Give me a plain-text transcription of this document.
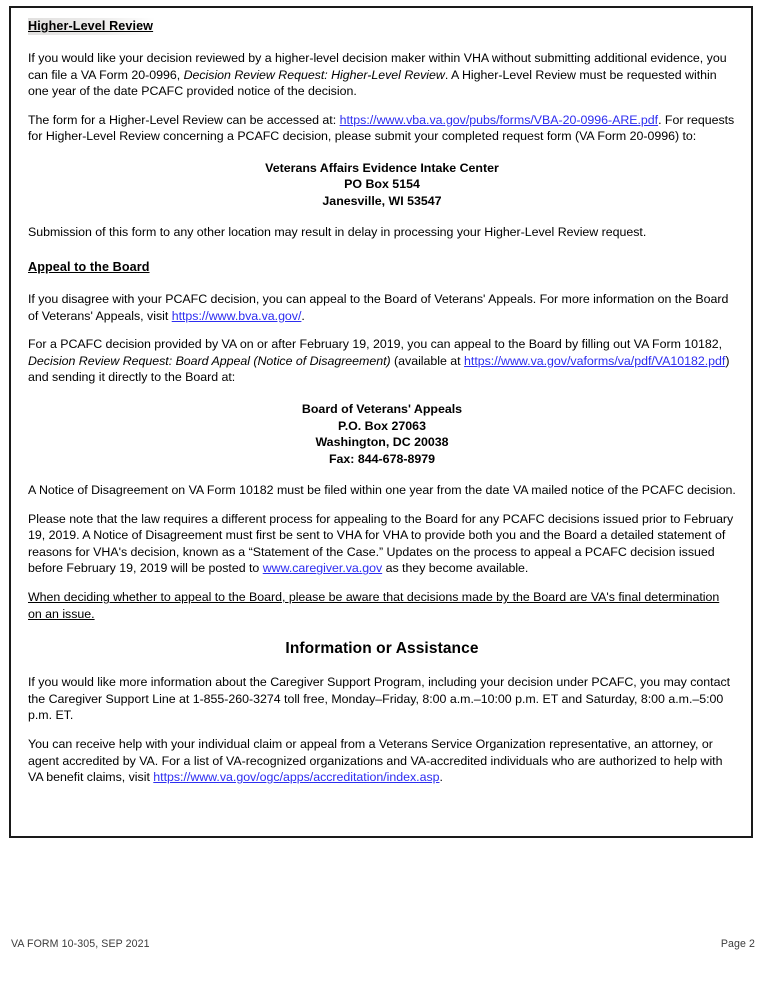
Higher-Level Review

If you would like your decision reviewed by a higher-level decision maker within VHA without submitting additional evidence, you can file a VA Form 20-0996, Decision Review Request: Higher-Level Review. A Higher-Level Review must be requested within one year of the date PCAFC provided notice of the decision.

The form for a Higher-Level Review can be accessed at: https://www.vba.va.gov/pubs/forms/VBA-20-0996-ARE.pdf. For requests for Higher-Level Review concerning a PCAFC decision, please submit your completed request form (VA Form 20-0996) to:

Veterans Affairs Evidence Intake Center
PO Box 5154
Janesville, WI 53547

Submission of this form to any other location may result in delay in processing your Higher-Level Review request.

Appeal to the Board

If you disagree with your PCAFC decision, you can appeal to the Board of Veterans' Appeals. For more information on the Board of Veterans' Appeals, visit https://www.bva.va.gov/.

For a PCAFC decision provided by VA on or after February 19, 2019, you can appeal to the Board by filling out VA Form 10182, Decision Review Request: Board Appeal (Notice of Disagreement) (available at https://www.va.gov/vaforms/va/pdf/VA10182.pdf) and sending it directly to the Board at:

Board of Veterans' Appeals
P.O. Box 27063
Washington, DC 20038
Fax: 844-678-8979

A Notice of Disagreement on VA Form 10182 must be filed within one year from the date VA mailed notice of the PCAFC decision.

Please note that the law requires a different process for appealing to the Board for any PCAFC decisions issued prior to February 19, 2019. A Notice of Disagreement must first be sent to VHA for VHA to provide both you and the Board a detailed statement of reasons for VHA's decision, known as a “Statement of the Case.” Updates on the process to appeal a PCAFC decision issued before February 19, 2019 will be posted to www.caregiver.va.gov as they become available.

When deciding whether to appeal to the Board, please be aware that decisions made by the Board are VA's final determination on an issue.

Information or Assistance

If you would like more information about the Caregiver Support Program, including your decision under PCAFC, you may contact the Caregiver Support Line at 1-855-260-3274 toll free, Monday–Friday, 8:00 a.m.–10:00 p.m. ET and Saturday, 8:00 a.m.–5:00 p.m. ET.

You can receive help with your individual claim or appeal from a Veterans Service Organization representative, an attorney, or agent accredited by VA. For a list of VA-recognized organizations and VA-accredited individuals who are authorized to help with VA benefit claims, visit https://www.va.gov/ogc/apps/accreditation/index.asp.

VA FORM 10-305, SEP 2021	Page 2
